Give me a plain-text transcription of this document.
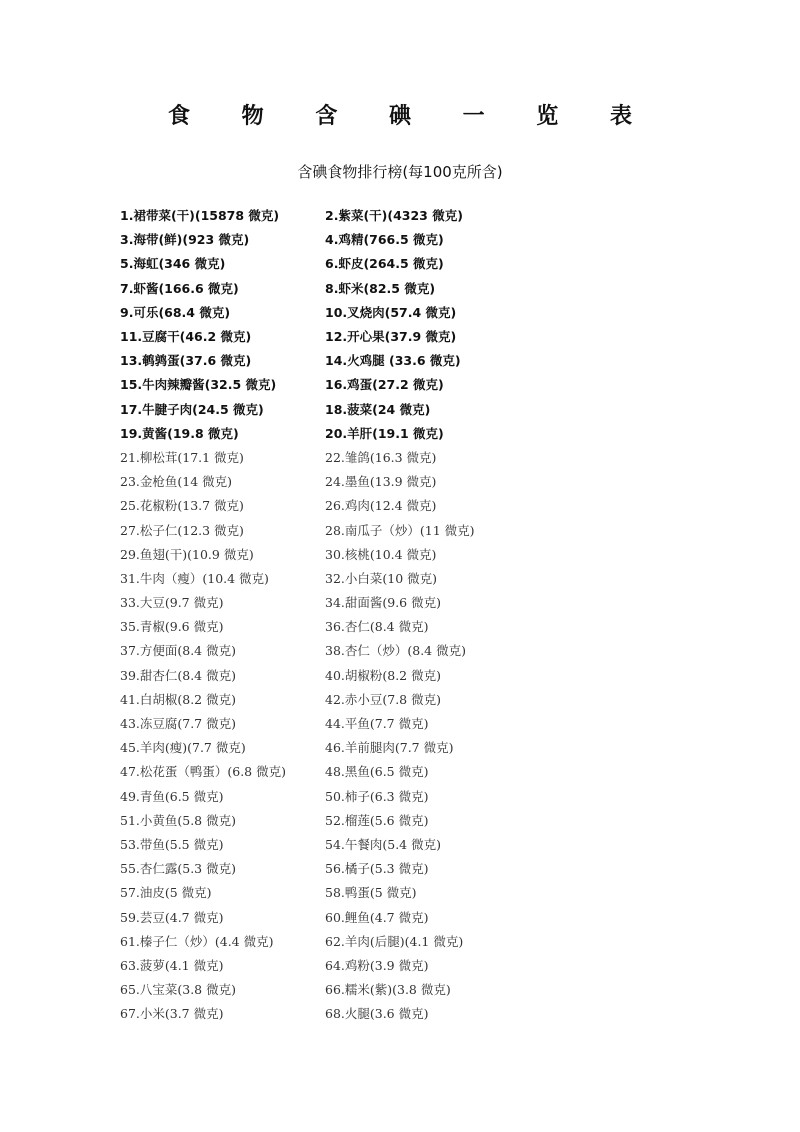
食 物 含 碘 一 览 表
含碘食物排行榜(每100克所含)
1.裙带菜(干)(15878 微克)	2.紫菜(干)(4323 微克)
3.海带(鲜)(923 微克)	4.鸡精(766.5 微克)
5.海虹(346 微克)	6.虾皮(264.5 微克)
7.虾酱(166.6 微克)	8.虾米(82.5 微克)
9.可乐(68.4 微克)	10.叉烧肉(57.4 微克)
11.豆腐干(46.2 微克)	12.开心果(37.9 微克)
13.鹌鹑蛋(37.6 微克)	14.火鸡腿 (33.6 微克)
15.牛肉辣瓣酱(32.5 微克)	16.鸡蛋(27.2 微克)
17.牛腱子肉(24.5 微克)	18.菠菜(24 微克)
19.黄酱(19.8 微克)	20.羊肝(19.1 微克)
21.柳松茸(17.1 微克)	22.雏鸽(16.3 微克)
23.金枪鱼(14 微克)	24.墨鱼(13.9 微克)
25.花椒粉(13.7 微克)	26.鸡肉(12.4 微克)
27.松子仁(12.3 微克)	28.南瓜子（炒）(11 微克)
29.鱼翅(干)(10.9 微克)	30.核桃(10.4 微克)
31.牛肉（瘦）(10.4 微克)	32.小白菜(10 微克)
33.大豆(9.7 微克)	34.甜面酱(9.6 微克)
35.青椒(9.6 微克)	36.杏仁(8.4 微克)
37.方便面(8.4 微克)	38.杏仁（炒）(8.4 微克)
39.甜杏仁(8.4 微克)	40.胡椒粉(8.2 微克)
41.白胡椒(8.2 微克)	42.赤小豆(7.8 微克)
43.冻豆腐(7.7 微克)	44.平鱼(7.7 微克)
45.羊肉(瘦)(7.7 微克)	46.羊前腿肉(7.7 微克)
47.松花蛋（鸭蛋）(6.8 微克)	48.黑鱼(6.5 微克)
49.青鱼(6.5 微克)	50.柿子(6.3 微克)
51.小黄鱼(5.8 微克)	52.榴莲(5.6 微克)
53.带鱼(5.5 微克)	54.午餐肉(5.4 微克)
55.杏仁露(5.3 微克)	56.橘子(5.3 微克)
57.油皮(5 微克)	58.鸭蛋(5 微克)
59.芸豆(4.7 微克)	60.鲤鱼(4.7 微克)
61.榛子仁（炒）(4.4 微克)	62.羊肉(后腿)(4.1 微克)
63.菠萝(4.1 微克)	64.鸡粉(3.9 微克)
65.八宝菜(3.8 微克)	66.糯米(紫)(3.8 微克)
67.小米(3.7 微克)	68.火腿(3.6 微克)
